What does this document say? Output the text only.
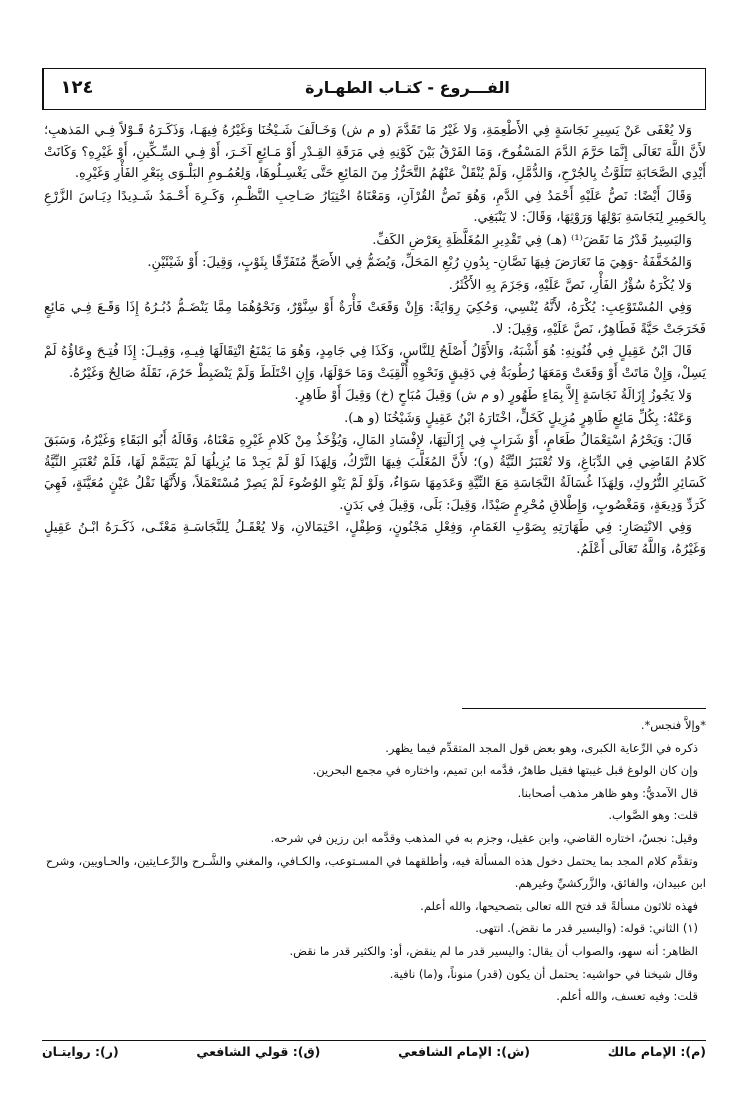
١٢٤	الفـــروع - كتـاب الطهـارة

وَلا يُعْفَى عَنْ يَسِيرِ نَجَاسَةٍ فِي الأَطْعِمَةِ، وَلا غَيْرُ مَا تَقَدَّمَ (و م ش) وَخَـالَفَ شَـيْخُنَا وَغَيْرُهُ فِيهَـا، وَذَكَـرَهُ قَـوْلاً فِـي المَذهبِ؛ لأَنَّ اللَّهَ تَعَالَى إِنَّمَا حَرَّمَ الدَّمَ المَسْفُوحَ، وَمَا الفَرْقُ بَيْنَ كَوْنِهِ فِي مَرَقَةِ القِـدْرِ أَوْ مَـائِعٍ آخَـرَ، أَوْ فِـي السِّـكِّينِ، أَوْ غَيْرِهِ؟ وَكَانَتْ أَيْدِي الصَّحَابَةِ تَتَلَوَّثُ بِالجُرْحِ، وَالدُّمَّلِ، وَلَمْ يُنْقَلْ عَنْهُمُ التَّحَرُّزُ مِنَ المَائِعِ حَتَّى يَغْسِـلُوهَا، وَلِعُمُـومِ البَلْـوَى بِبَعْرِ الفَأْرِ وَغَيْرِهِ.

وَقَالَ أَيْضًا: نَصُّ عَلَيْهِ أَحْمَدُ فِي الدَّمِ، وَهُوَ نَصُّ القُرْآنِ، وَمَعْنَاهُ اخْتِيَارُ صَـاحِبِ النَّظْـمِ، وَكَـرِهَ أَحْـمَدُ شَـدِيدًا دِيَـاسَ الزَّرْعِ بِالحَمِيرِ لِنَجَاسَةِ بَوْلِهَا وَرَوْثِهَا، وَقَالَ: لا يَنْبَغِي.

وَاليَسِيرُ قَدْرُ مَا نَقَضَ⁽¹⁾ (هـ) فِي تَقْدِيرِ المُغَلَّظَةِ بِعَرْضِ الكَفِّ.

وَالمُخَفَّفَةُ -وَهِيَ مَا تَعَارَضَ فِيهَا نَصَّانِ- بِدُونِ رُبْعِ المَحَلِّ، وَيُضَمُّ فِي الأَصَحِّ مُتَفَرِّقًا بِثَوْبٍ، وَقِيلَ: أَوْ شَيْئَيْنِ.

وَلا يُكْرَهُ سُؤْرُ الفَأْرِ، نَصَّ عَلَيْهِ، وَجَزَمَ بِهِ الأَكْثَرُ.

وَفِي المُسْتَوْعِبِ: يُكْرَهُ، لأَنَّهُ يُنْسِي، وَحُكِيَ رِوَايَةً: وَإِنْ وَقَعَتْ فَأْرَةٌ أَوْ سِنَّوْرٌ، وَنَحْوُهُمَا مِمَّا يَنْضَـمُّ دُبُـرُهُ إِذَا وَقَـعَ فِـي مَائِعٍ فَخَرَجَتْ حَيَّةً فَطَاهِرٌ، نَصَّ عَلَيْهِ، وَقِيلَ: لا.

قَالَ ابْنُ عَقِيلٍ فِي فُنُونِهِ: هُوَ أَشْبَهُ، وَالأَوَّلُ أَصْلَحُ لِلنَّاسِ، وَكَذَا فِي جَامِدٍ، وَهُوَ مَا يَمْنَعُ انْتِقَالَهَا فِيـهِ، وَقِيـلَ: إِذَا فُتِـحَ وِعَاؤُهُ لَمْ يَسِلْ، وَإِنْ مَاتَتْ أَوْ وَقَعَتْ وَمَعَهَا رُطُوبَةٌ فِي دَقِيقٍ وَنَحْوِهِ أُلْقِيَتْ وَمَا حَوْلَهَا، وَإِنِ اخْتَلَطَ وَلَمْ يَنْضَبِطْ حَرُمَ، نَقَلَهُ صَالِحٌ وَغَيْرُهُ.

وَلا يَجُوزُ إِزَالَةُ نَجَاسَةٍ إِلاَّ بِمَاءٍ طَهُورٍ (و م ش) وَقِيلَ مُبَاحٍ (خ) وَقِيلَ أَوْ طَاهِرٍ.

وَعَنْهُ: بِكُلِّ مَائِعٍ طَاهِرٍ مُزِيلٍ كَخَلٍّ، اخْتَارَهُ ابْنُ عَقِيلٍ وَشَيْخُنَا (و هـ).

قَالَ: وَيَحْرُمُ اسْتِعْمَالُ طَعَامٍ، أَوْ شَرَابٍ فِي إِزَالَتِهَا، لإِفْسَادِ المَالِ، وَيُؤْخَذُ مِنْ كَلامِ غَيْرِهِ مَعْنَاهُ، وَقَالَهُ أَبُو البَقَاءِ وَغَيْرُهُ، وَسَبَقَ كَلامُ القَاضِي فِي الدِّبَاغِ، وَلا تُعْتَبَرُ النِّيَّةُ (و)؛ لأَنَّ المُغَلَّبَ فِيهَا التَّرْكُ، وَلِهَذَا لَوْ لَمْ يَجِدْ مَا يُزِيلُهَا لَمْ يَتَيَمَّمْ لَهَا، فَلَمْ تُعْتَبَرِ النِّيَّةُ كَسَائِرِ التُّرُوكِ، وَلِهَذَا غُسَالَةُ النَّجَاسَةِ مَعَ النِّيَّةِ وَعَدَمِهَا سَوَاءٌ، وَلَوْ لَمْ يَنْوِ الوُضُوءَ لَمْ يَصِرْ مُسْتَعْمَلاً، وَلأَنَّهَا نَقْلُ عَيْنٍ مُعَيَّنَةٍ، فَهِيَ كَرَدِّ وَدِيعَةٍ، وَمَغْصُوبٍ، وَإِطْلاقِ مُحْرِمٍ صَيْدًا، وَقِيلَ: بَلَى، وَقِيلَ فِي بَدَنٍ.

وَفِي الانْتِصَارِ: فِي طَهَارَتِهِ بِصَوْبِ الغَمَامِ، وَفِعْلِ مَجْنُونٍ، وَطِفْلٍ، احْتِمَالانِ، وَلا يُعْقَـلُ لِلنَّجَاسَـةِ مَعْنًـى، ذَكَـرَهُ ابْـنُ عَقِيلٍ وَغَيْرُهُ، وَاللَّهُ تَعَالَى أَعْلَمُ.

*وإلاَّ فنجس*.

ذكره في الرِّعاية الكبرى، وهو بعض قول المجد المتقدِّم فيما يظهر.

وإن كان الولوغ قبل غيبتها فقيل طاهرٌ، قدَّمه ابن تميم، واختاره في مجمع البحرين.

قال الآمديُّ: وهو ظاهر مذهب أصحابنا.

قلت: وهو الصَّواب.

وقيل: نجسٌ، اختاره القاضي، وابن عقيل، وجزم به في المذهب وقدَّمه ابن رزين في شرحه.

وتقدَّم كلام المجد بما يحتمل دخول هذه المسألة فيه، وأطلقهما في المسـتوعب، والكـافي، والمغني والشَّـرح والرِّعـايتين، والحـاويين، وشرح ابن عبيدان، والفائق، والزَّركشيِّ وغيرهم.

فهذه ثلاثون مسألةً قد فتح الله تعالى بتصحيحها، والله أعلم.

(١) الثاني: قوله: (واليسير قدر ما نقض). انتهى.

الظاهر: أنه سهو، والصواب أن يقال: واليسير قدر ما لم ينقض، أو: والكثير قدر ما نقض.

وقال شيخنا في حواشيه: يحتمل أن يكون (قدر) منوناً، و(ما) نافية.

قلت: وفيه تعسف، والله أعلم.

(م): الإمام مالك
(ش): الإمام الشافعي
(ق): قولي الشافعي
(ر): روايتـان
